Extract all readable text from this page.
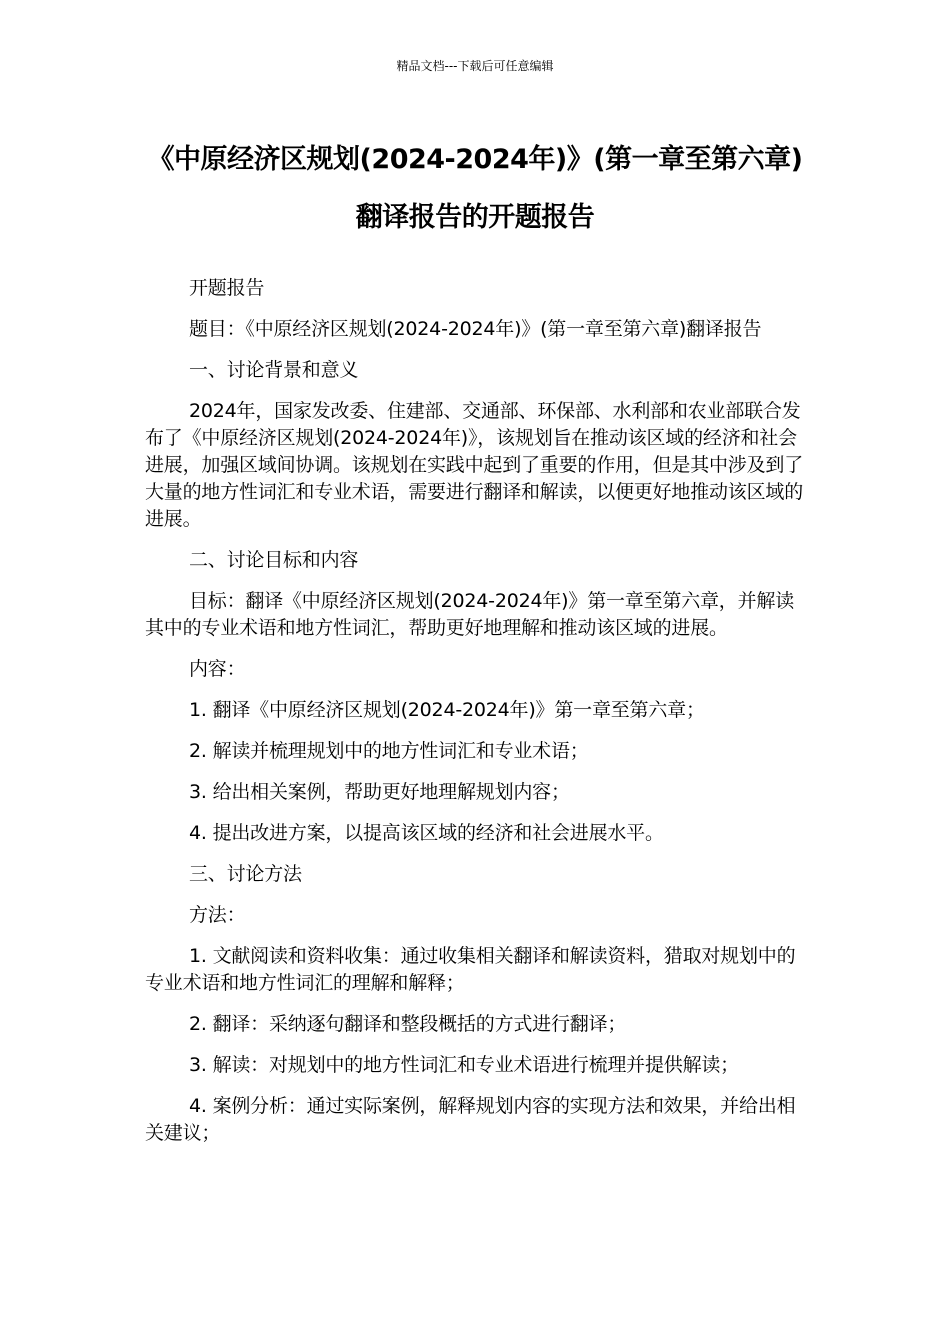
精品文档---下载后可任意编辑
《中原经济区规划(2024-2024年)》(第一章至第六章)翻译报告的开题报告

开题报告

题目：《中原经济区规划(2024-2024年)》(第一章至第六章)翻译报告

一、讨论背景和意义

2024年，国家发改委、住建部、交通部、环保部、水利部和农业部联合发布了《中原经济区规划(2024-2024年)》，该规划旨在推动该区域的经济和社会进展，加强区域间协调。该规划在实践中起到了重要的作用，但是其中涉及到了大量的地方性词汇和专业术语，需要进行翻译和解读，以便更好地推动该区域的进展。

二、讨论目标和内容

目标：翻译《中原经济区规划(2024-2024年)》第一章至第六章，并解读其中的专业术语和地方性词汇，帮助更好地理解和推动该区域的进展。

内容：

1. 翻译《中原经济区规划(2024-2024年)》第一章至第六章；

2. 解读并梳理规划中的地方性词汇和专业术语；

3. 给出相关案例，帮助更好地理解规划内容；

4. 提出改进方案，以提高该区域的经济和社会进展水平。

三、讨论方法

方法：

1. 文献阅读和资料收集：通过收集相关翻译和解读资料，猎取对规划中的专业术语和地方性词汇的理解和解释；

2. 翻译：采纳逐句翻译和整段概括的方式进行翻译；

3. 解读：对规划中的地方性词汇和专业术语进行梳理并提供解读；

4. 案例分析：通过实际案例，解释规划内容的实现方法和效果，并给出相关建议；
